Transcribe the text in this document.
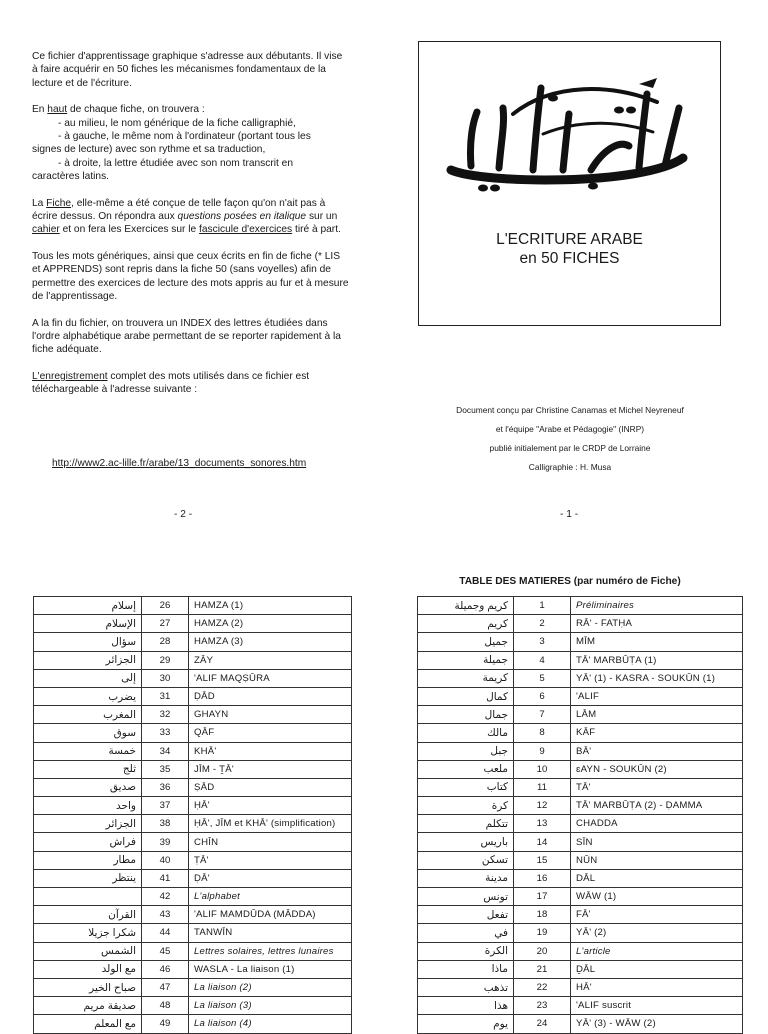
Ce fichier d'apprentissage graphique s'adresse aux débutants. Il vise à faire acquérir en 50 fiches les mécanismes fondamentaux de la lecture et de l'écriture.

En haut de chaque fiche, on trouvera :
- au milieu, le nom générique de la fiche calligraphié,
- à gauche, le même nom à l'ordinateur (portant tous les
signes de lecture) avec son rythme et sa traduction,
- à droite, la lettre étudiée avec son nom transcrit en
caractères latins.

La Fiche, elle-même a été conçue de telle façon qu'on n'ait pas à écrire dessus. On répondra aux questions posées en italique sur un cahier et on fera les Exercices sur le fascicule d'exercices tiré à part.

Tous les mots génériques, ainsi que ceux écrits en fin de fiche (* LIS et APPRENDS) sont repris dans la fiche 50 (sans voyelles) afin de permettre des exercices de lecture des mots appris au fur et à mesure de l'apprentissage.

A la fin du fichier, on trouvera un INDEX des lettres étudiées dans l'ordre alphabétique arabe permettant de se reporter rapidement à la fiche adéquate.

L'enregistrement complet des mots utilisés dans ce fichier est téléchargeable à l'adresse suivante :

http://www2.ac-lille.fr/arabe/13_documents_sonores.htm
- 2 -
L'ECRITURE ARABE
en 50 FICHES
Document conçu par Christine Canamas et Michel Neyreneuf
et l'équipe "Arabe et Pédagogie" (INRP)
publié initialement par le CRDP de Lorraine
Calligraphie : H. Musa
- 1 -
TABLE DES MATIERES (par numéro de Fiche)
إسلام	26	HAMZA (1)
الإسلام	27	HAMZA (2)
سؤال	28	HAMZA (3)
الجزائر	29	ZÂY
إلى	30	'ALIF MAQṢŪRA
يضرب	31	ḌĀD
المغرب	32	GHAYN
سوق	33	QĀF
خمسة	34	KHĀ'
ثلج	35	JĪM - ṮĀ'
صديق	36	ṢĀD
واحد	37	ḤĀ'
الجزائر	38	ḤĀ', JĪM et KHĀ' (simplification)
فراش	39	CHÎN
مطار	40	ṬĀ'
ينتظر	41	ḌĀ'
	42	L'alphabet
القرآن	43	'ALIF MAMDŪDA (MÂDDA)
شكرا جزيلا	44	TANWĪN
الشمس	45	Lettres solaires, lettres lunaires
مع الولد	46	WASLA - La liaison (1)
صباح الخير	47	La liaison (2)
صديقة مريم	48	La liaison (3)
مع المعلم	49	La liaison (4)
كريم وجميلة	1	Préliminaires
كريم	2	RĀ' - FATḤA
جميل	3	MĪM
جميلة	4	TĀ' MARBŪṬA (1)
كريمة	5	YĀ' (1) - KASRA - SOUKŪN (1)
كمال	6	'ALIF
جمال	7	LĀM
مالك	8	KĀF
جبل	9	BĀ'
ملعب	10	ɛAYN - SOUKŪN (2)
كتاب	11	TĀ'
كرة	12	TĀ' MARBŪṬA (2) - ḌAMMA
تتكلم	13	CHADDA
باريس	14	SĪN
تسكن	15	NŪN
مدينة	16	DĀL
تونس	17	WĀW (1)
تفعل	18	FĀ'
في	19	YĀ' (2)
الكرة	20	L'article
ماذا	21	ḎĀL
تذهب	22	HĀ'
هذا	23	'ALIF suscrit
يوم	24	YĀ' (3) - WĀW (2)
